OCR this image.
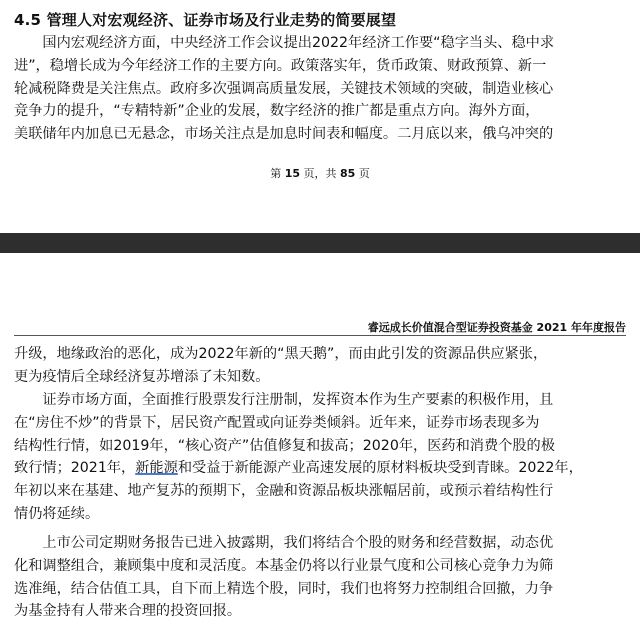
4.5 管理人对宏观经济、证券市场及行业走势的简要展望
　　国内宏观经济方面，中央经济工作会议提出2022年经济工作要“稳字当头、稳中求
进”，稳增长成为今年经济工作的主要方向。政策落实年，货币政策、财政预算、新一
轮减税降费是关注焦点。政府多次强调高质量发展，关键技术领域的突破，制造业核心
竞争力的提升，“专精特新”企业的发展，数字经济的推广都是重点方向。海外方面，
美联储年内加息已无悬念，市场关注点是加息时间表和幅度。二月底以来，俄乌冲突的
第 15 页，共 85 页
睿远成长价值混合型证券投资基金 2021 年年度报告
升级，地缘政治的恶化，成为2022年新的“黑天鹅”，而由此引发的资源品供应紧张，
更为疫情后全球经济复苏增添了未知数。
　　证券市场方面，全面推行股票发行注册制，发挥资本作为生产要素的积极作用，且
在“房住不炒”的背景下，居民资产配置或向证券类倾斜。近年来，证券市场表现多为
结构性行情，如2019年，“核心资产”估值修复和拔高；2020年，医药和消费个股的极
致行情；2021年，新能源和受益于新能源产业高速发展的原材料板块受到青睐。2022年，
年初以来在基建、地产复苏的预期下，金融和资源品板块涨幅居前，或预示着结构性行
情仍将延续。
　　上市公司定期财务报告已进入披露期，我们将结合个股的财务和经营数据，动态优
化和调整组合，兼顾集中度和灵活度。本基金仍将以行业景气度和公司核心竞争力为筛
选准绳，结合估值工具，自下而上精选个股，同时，我们也将努力控制组合回撤，力争
为基金持有人带来合理的投资回报。
